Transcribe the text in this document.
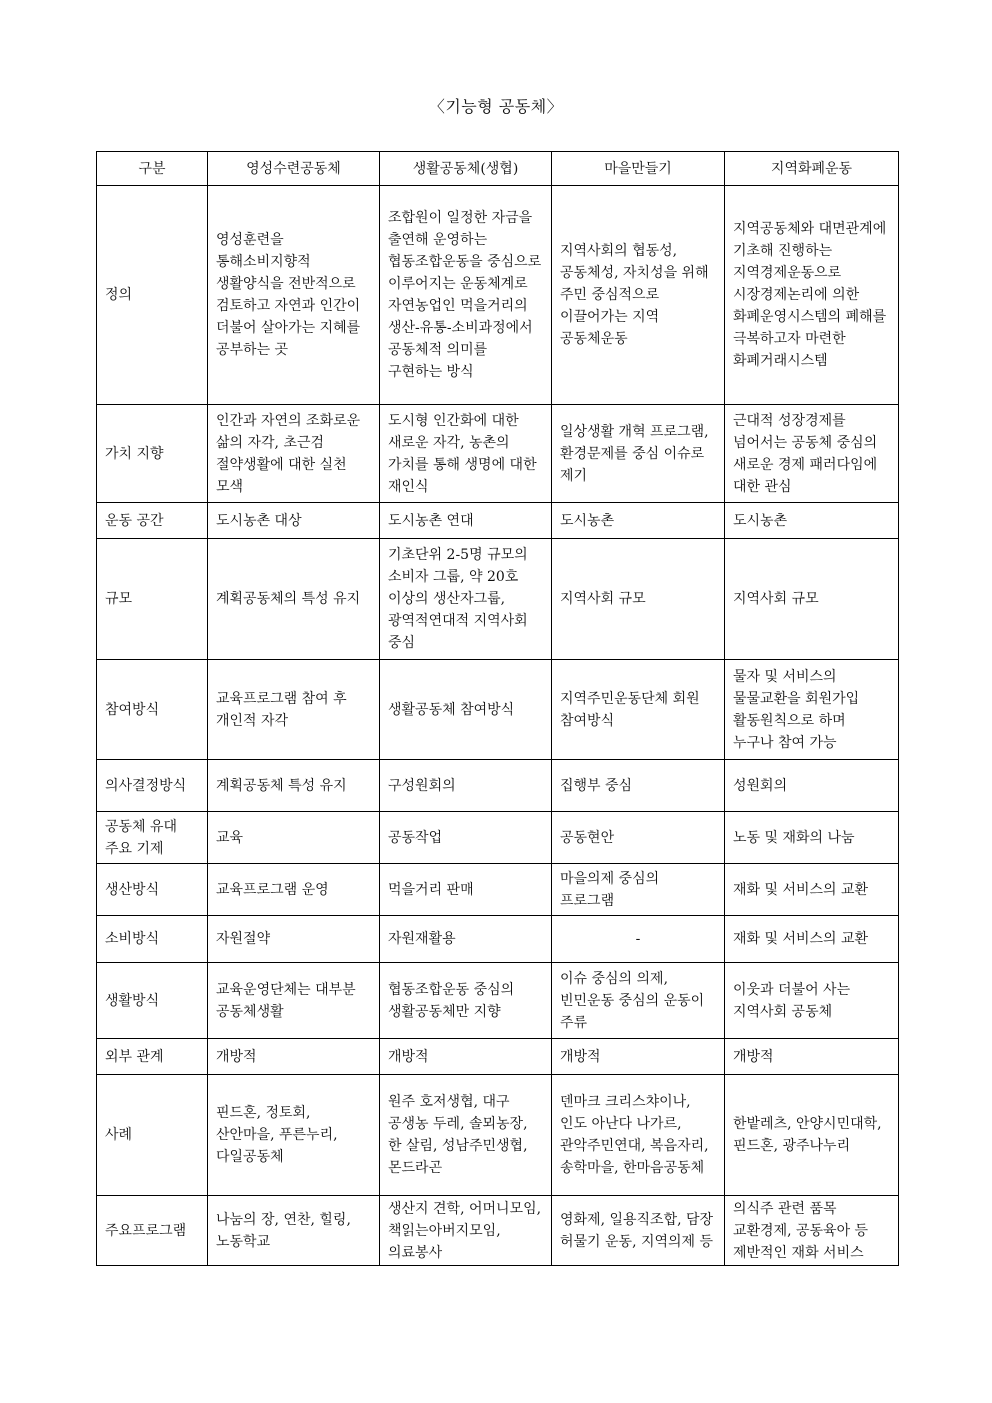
〈기능형 공동체〉
구분	영성수련공동체	생활공동체(생협)	마을만들기	지역화폐운동
정의	영성훈련을 통해소비지향적 생활양식을 전반적으로 검토하고 자연과 인간이 더불어 살아가는 지혜를 공부하는 곳	조합원이 일정한 자금을 출연해 운영하는 협동조합운동을 중심으로 이루어지는 운동체계로 자연농업인 먹을거리의 생산-유통-소비과정에서 공동체적 의미를 구현하는 방식	지역사회의 협동성, 공동체성, 자치성을 위해 주민 중심적으로 이끌어가는 지역 공동체운동	지역공동체와 대면관계에 기초해 진행하는 지역경제운동으로 시장경제논리에 의한 화폐운영시스템의 폐해를 극복하고자 마련한 화폐거래시스템
가치 지향	인간과 자연의 조화로운 삶의 자각, 초근검 절약생활에 대한 실천 모색	도시형 인간화에 대한 새로운 자각, 농촌의 가치를 통해 생명에 대한 재인식	일상생활 개혁 프로그램, 환경문제를 중심 이슈로 제기	근대적 성장경제를 넘어서는 공동체 중심의 새로운 경제 패러다임에 대한 관심
운동 공간	도시농촌 대상	도시농촌 연대	도시농촌	도시농촌
규모	계획공동체의 특성 유지	기초단위 2-5명 규모의 소비자 그룹, 약 20호 이상의 생산자그룹, 광역적연대적 지역사회 중심	지역사회 규모	지역사회 규모
참여방식	교육프로그램 참여 후 개인적 자각	생활공동체 참여방식	지역주민운동단체 회원 참여방식	물자 및 서비스의 물물교환을 회원가입 활동원칙으로 하며 누구나 참여 가능
의사결정방식	계획공동체 특성 유지	구성원회의	집행부 중심	성원회의
공동체 유대 주요 기제	교육	공동작업	공동현안	노동 및 재화의 나눔
생산방식	교육프로그램 운영	먹을거리 판매	마을의제 중심의 프로그램	재화 및 서비스의 교환
소비방식	자원절약	자원재활용	-	재화 및 서비스의 교환
생활방식	교육운영단체는 대부분 공동체생활	협동조합운동 중심의 생활공동체만 지향	이슈 중심의 의제, 빈민운동 중심의 운동이 주류	이웃과 더불어 사는 지역사회 공동체
외부 관계	개방적	개방적	개방적	개방적
사례	핀드혼, 정토회, 산안마을, 푸른누리, 다일공동체	원주 호저생협, 대구 공생농 두레, 솔뫼농장, 한 살림, 성남주민생협, 몬드라곤	덴마크 크리스챠이나, 인도 아난다 나가르, 관악주민연대, 복음자리, 송학마을, 한마음공동체	한밭레츠, 안양시민대학, 핀드혼, 광주나누리
주요프로그램	나눔의 장, 연찬, 힐링, 노동학교	생산지 견학, 어머니모임, 책읽는아버지모임, 의료봉사	영화제, 일용직조합, 담장 허물기 운동, 지역의제 등	의식주 관련 품목 교환경제, 공동육아 등 제반적인 재화 서비스
